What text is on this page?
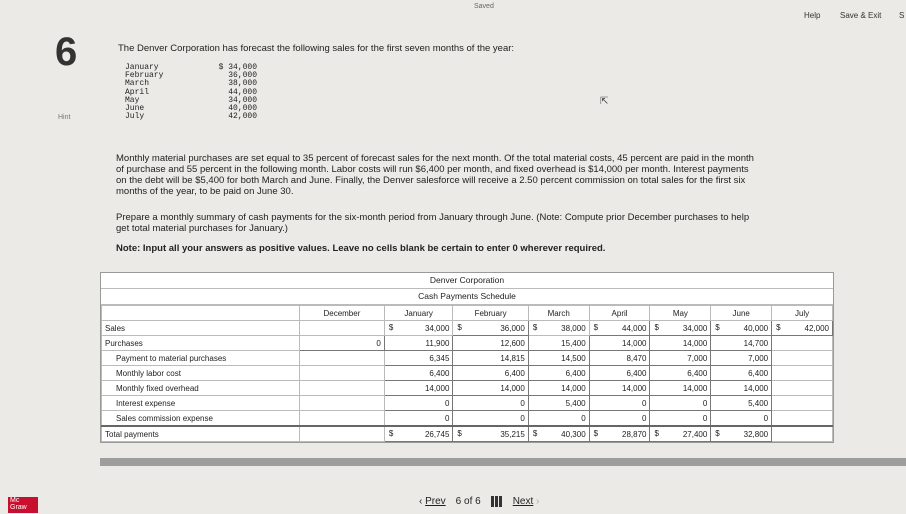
Saved
Help Save & Exit S
6
Hint
The Denver Corporation has forecast the following sales for the first seven months of the year:
January	$ 34,000
February	36,000
March	38,000
April	44,000
May	34,000
June	40,000
July	42,000
⇱
Monthly material purchases are set equal to 35 percent of forecast sales for the next month. Of the total material costs, 45 percent are paid in the month of purchase and 55 percent in the following month. Labor costs will run $6,400 per month, and fixed overhead is $14,000 per month. Interest payments on the debt will be $5,400 for both March and June. Finally, the Denver salesforce will receive a 2.50 percent commission on total sales for the first six months of the year, to be paid on June 30.
Prepare a monthly summary of cash payments for the six-month period from January through June. (Note: Compute prior December purchases to help get total material purchases for January.)
Note: Input all your answers as positive values. Leave no cells blank be certain to enter 0 wherever required.
Denver Corporation
Cash Payments Schedule
	December	January	February	March	April	May	June	July
Sales		$ 34,000	$ 36,000	$ 38,000	$ 44,000	$ 34,000	$ 40,000	$ 42,000
Purchases	0	11,900	12,600	15,400	14,000	14,000	14,700	
Payment to material purchases		6,345	14,815	14,500	8,470	7,000	7,000	
Monthly labor cost		6,400	6,400	6,400	6,400	6,400	6,400	
Monthly fixed overhead		14,000	14,000	14,000	14,000	14,000	14,000	
Interest expense		0	0	5,400	0	0	5,400	
Sales commission expense		0	0	0	0	0	0	
Total payments		$ 26,745	$ 35,215	$ 40,300	$ 28,870	$ 27,400	$ 32,800	
Mc
Graw
‹ Prev 6 of 6	Next ›
